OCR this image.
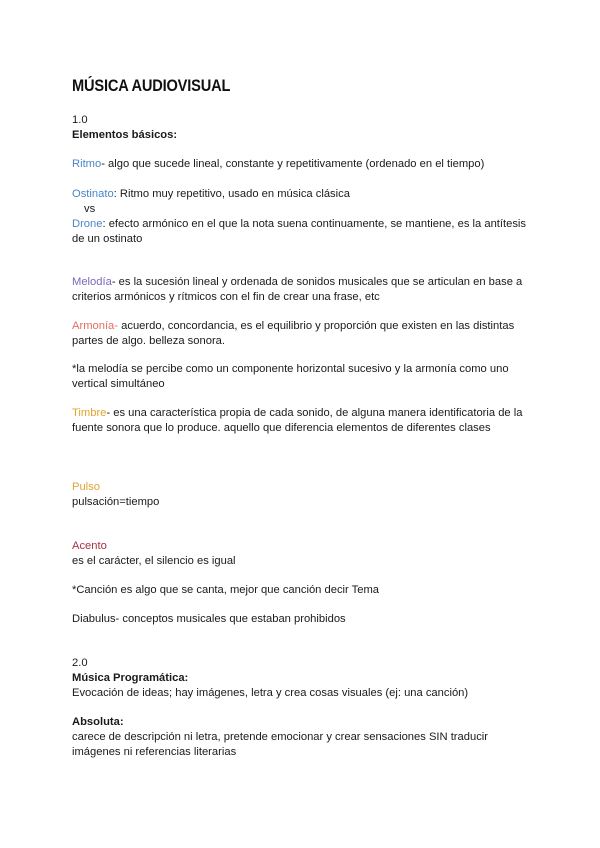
MÚSICA AUDIOVISUAL
1.0
Elementos básicos:
Ritmo- algo que sucede lineal, constante y repetitivamente (ordenado en el tiempo)
Ostinato: Ritmo muy repetitivo, usado en música clásica
vs
Drone: efecto armónico en el que la nota suena continuamente, se mantiene, es la antítesis
de un ostinato
Melodía- es la sucesión lineal y ordenada de sonidos musicales que se articulan en base a
criterios armónicos y rítmicos con el fin de crear una frase, etc
Armonía- acuerdo, concordancia, es el equilibrio y proporción que existen en las distintas
partes de algo. belleza sonora.
*la melodía se percibe como un componente horizontal sucesivo y la armonía como uno
vertical simultáneo
Timbre- es una característica propia de cada sonido, de alguna manera identificatoria de la
fuente sonora que lo produce. aquello que diferencia elementos de diferentes clases
Pulso
pulsación=tiempo
Acento
es el carácter, el silencio es igual
*Canción es algo que se canta, mejor que canción decir Tema
Diabulus- conceptos musicales que estaban prohibidos
2.0
Música Programática:
Evocación de ideas; hay imágenes, letra y crea cosas visuales (ej: una canción)
Absoluta:
carece de descripción ni letra, pretende emocionar y crear sensaciones SIN traducir
imágenes ni referencias literarias
